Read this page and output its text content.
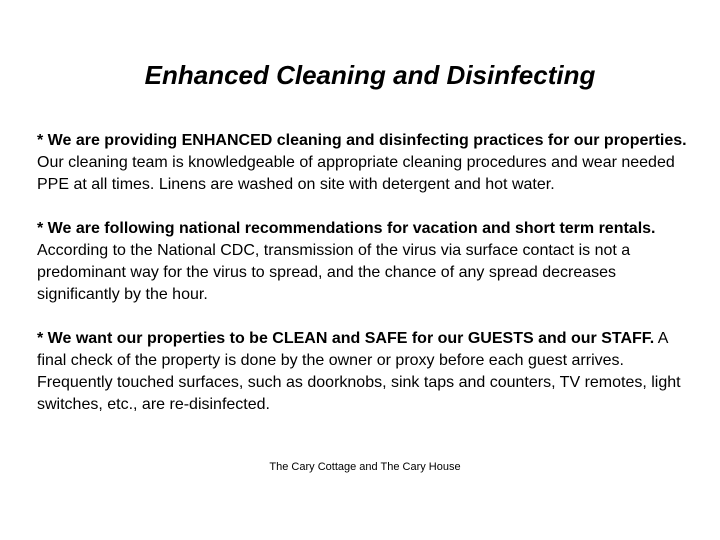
Enhanced Cleaning and Disinfecting

* We are providing ENHANCED cleaning and disinfecting practices for our properties. Our cleaning team is knowledgeable of appropriate cleaning procedures and wear needed PPE at all times. Linens are washed on site with detergent and hot water.

* We are following national recommendations for vacation and short term rentals. According to the National CDC, transmission of the virus via surface contact is not a predominant way for the virus to spread, and the chance of any spread decreases significantly by the hour.

* We want our properties to be CLEAN and SAFE for our GUESTS and our STAFF. A final check of the property is done by the owner or proxy before each guest arrives. Frequently touched surfaces, such as doorknobs, sink taps and counters, TV remotes, light switches, etc., are re-disinfected.

The Cary Cottage and The Cary House
